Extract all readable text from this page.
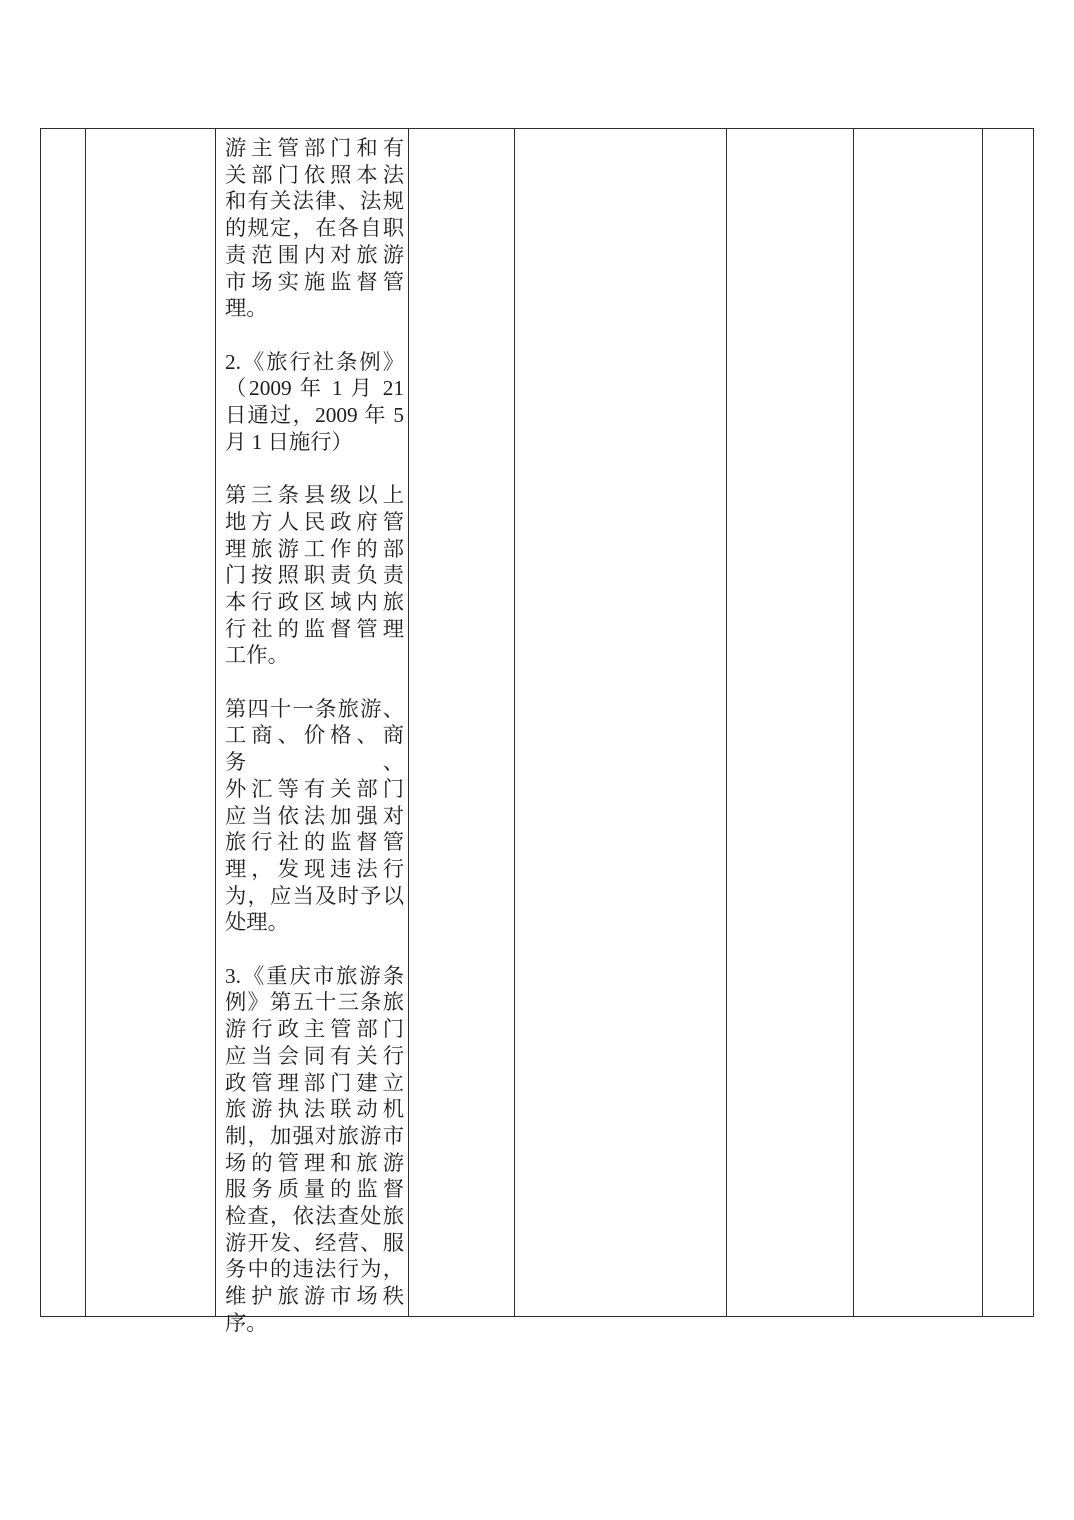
游主管部门和有
关部门依照本法
和有关法律、法规
的规定，在各自职
责范围内对旅游
市场实施监督管
理。
2.《旅行社条例》
（2009 年 1 月 21
日通过，2009 年 5
月 1 日施行）
第三条县级以上
地方人民政府管
理旅游工作的部
门按照职责负责
本行政区域内旅
行社的监督管理
工作。
第四十一条旅游、
工商、价格、商务、
外汇等有关部门
应当依法加强对
旅行社的监督管
理，发现违法行
为，应当及时予以
处理。
3.《重庆市旅游条
例》第五十三条旅
游行政主管部门
应当会同有关行
政管理部门建立
旅游执法联动机
制，加强对旅游市
场的管理和旅游
服务质量的监督
检查，依法查处旅
游开发、经营、服
务中的违法行为，
维护旅游市场秩
序。
